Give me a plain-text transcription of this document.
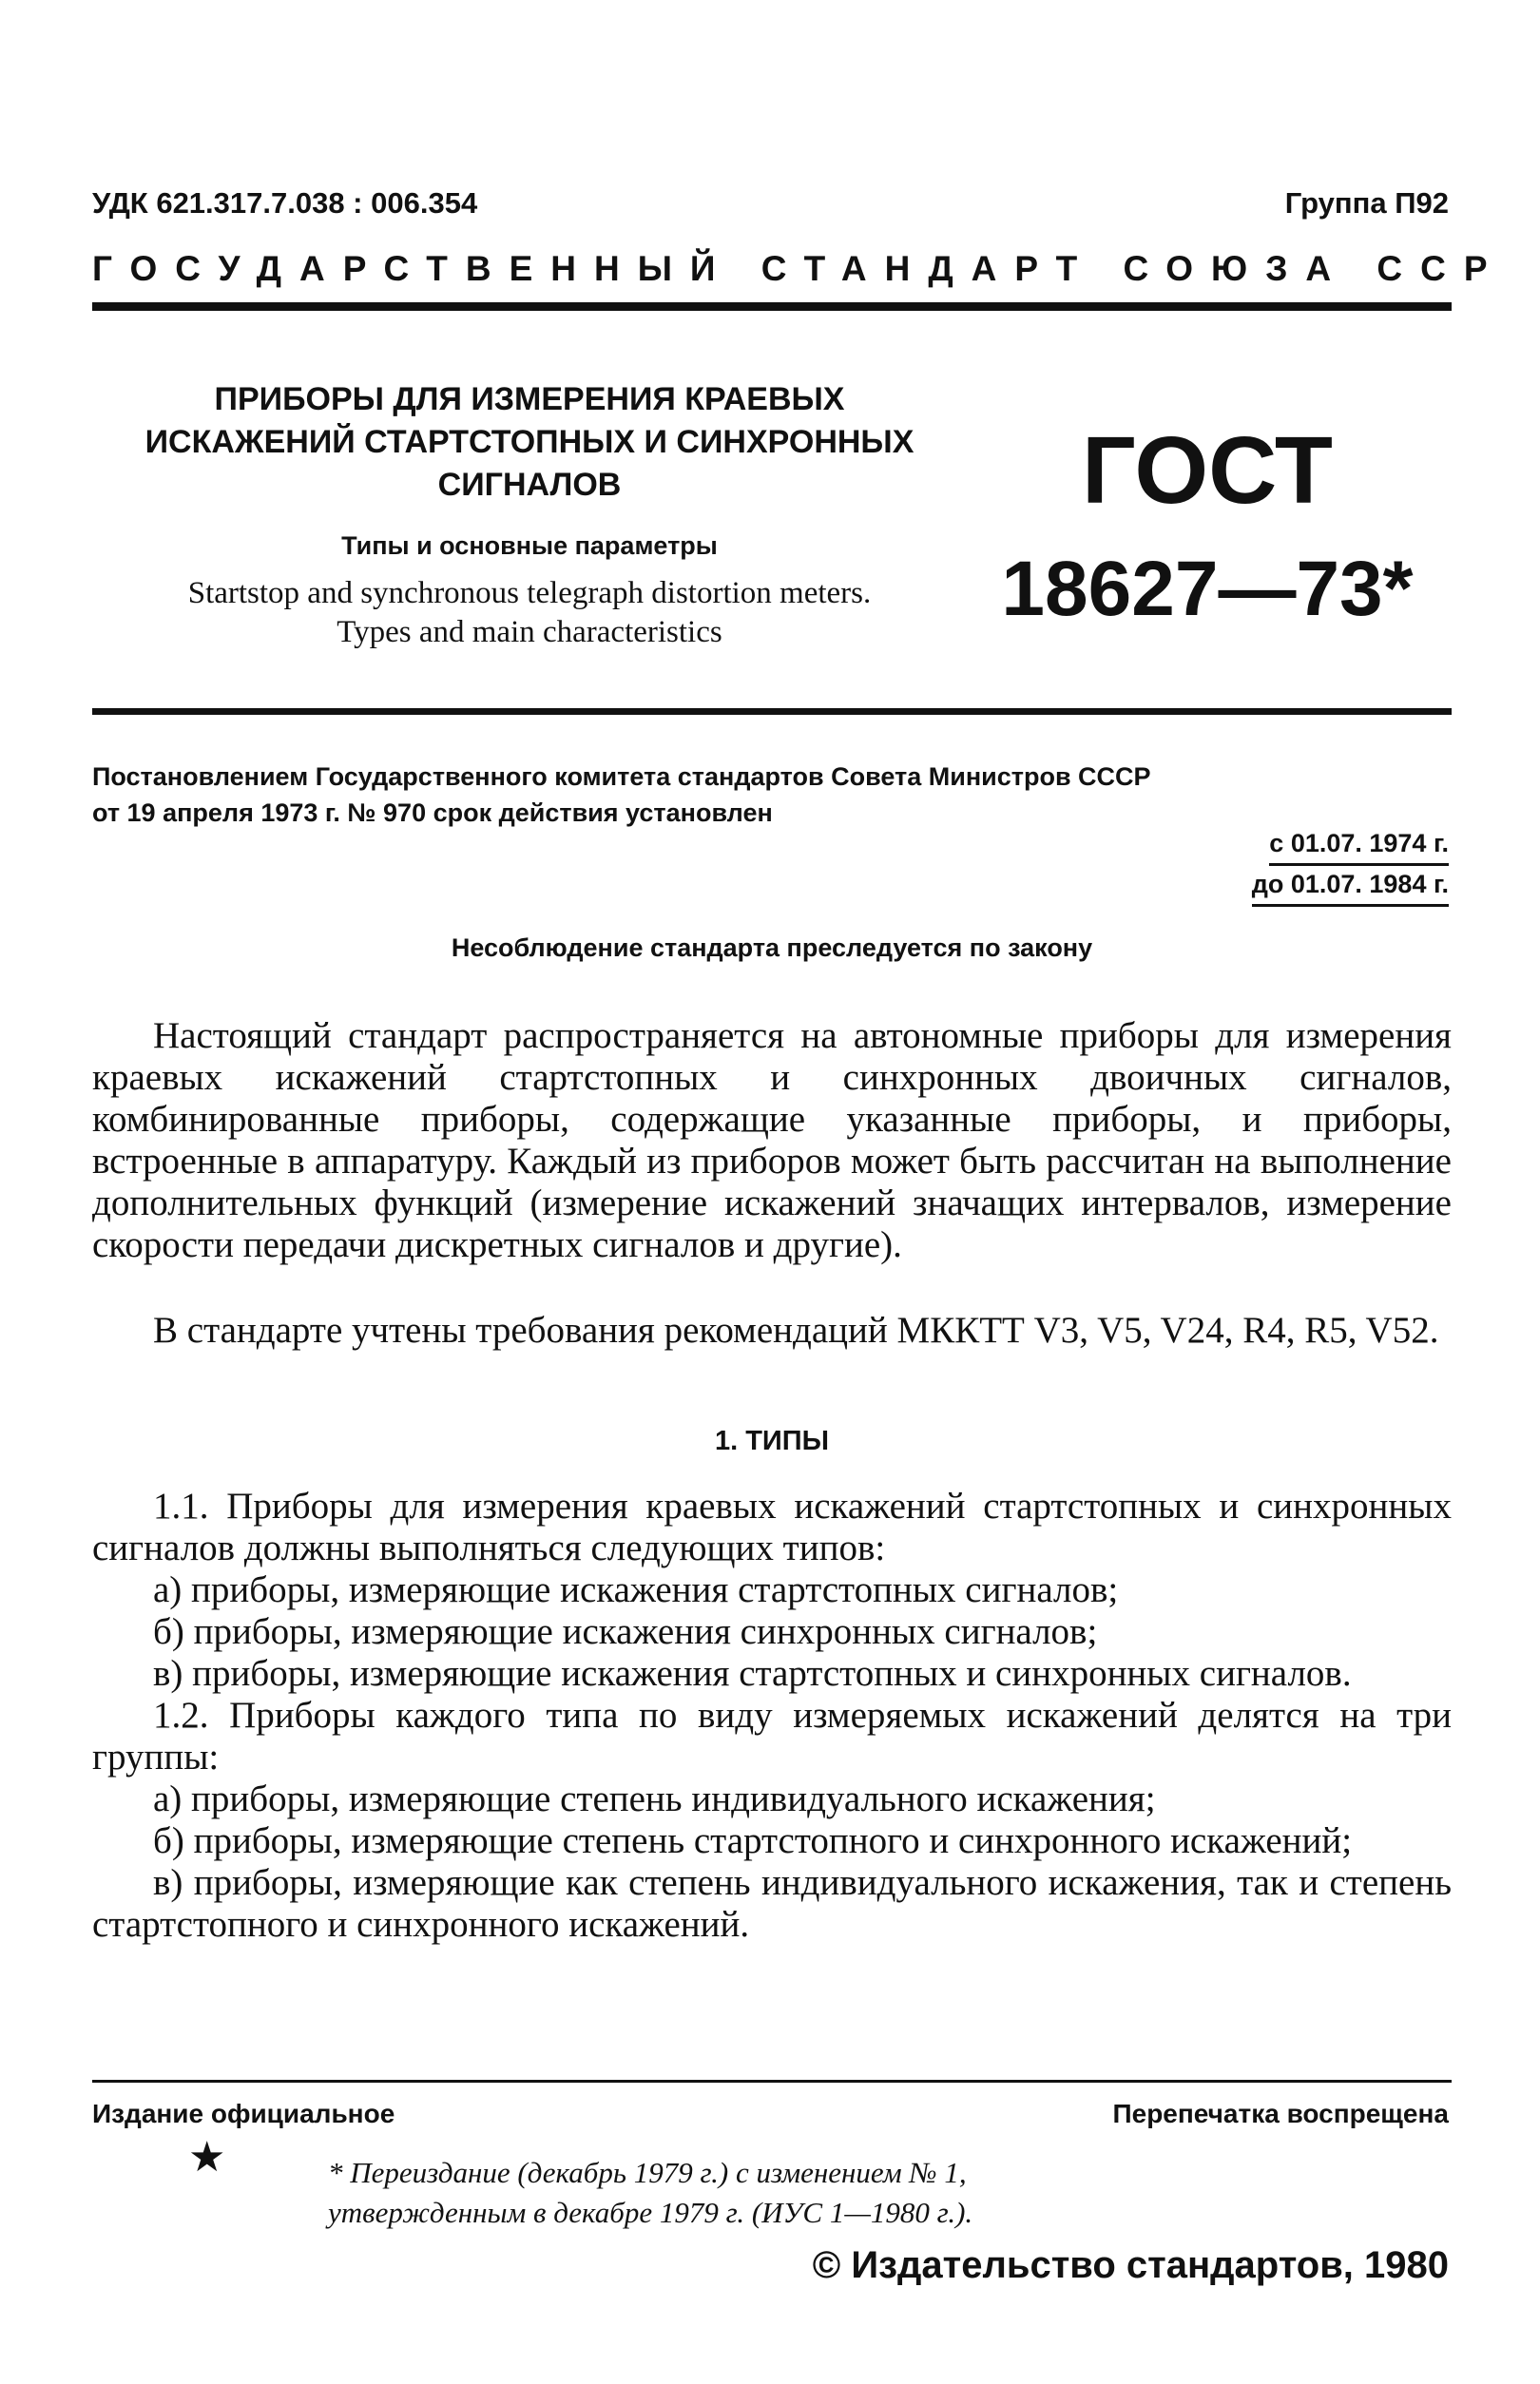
УДК 621.317.7.038 : 006.354	Группа П92
ГОСУДАРСТВЕННЫЙ СТАНДАРТ СОЮЗА ССР
ПРИБОРЫ ДЛЯ ИЗМЕРЕНИЯ КРАЕВЫХ
ИСКАЖЕНИЙ СТАРТСТОПНЫХ И СИНХРОННЫХ
СИГНАЛОВ
Типы и основные параметры
Startstop and synchronous telegraph distortion meters.
Types and main characteristics
ГОСТ
18627—73*
Постановлением Государственного комитета стандартов Совета Министров СССР
от 19 апреля 1973 г. № 970 срок действия установлен
с 01.07. 1974 г.
до 01.07. 1984 г.
Несоблюдение стандарта преследуется по закону
Настоящий стандарт распространяется на автономные приборы для измерения краевых искажений стартстопных и синхронных двоичных сигналов, комбинированные приборы, содержащие указанные приборы, и приборы, встроенные в аппаратуру. Каждый из приборов может быть рассчитан на выполнение дополнительных функций (измерение искажений значащих интервалов, измерение скорости передачи дискретных сигналов и другие).
В стандарте учтены требования рекомендаций МККТТ V3, V5, V24, R4, R5, V52.
1. ТИПЫ

1.1. Приборы для измерения краевых искажений стартстопных и синхронных сигналов должны выполняться следующих типов:

а) приборы, измеряющие искажения стартстопных сигналов;

б) приборы, измеряющие искажения синхронных сигналов;

в) приборы, измеряющие искажения стартстопных и синхронных сигналов.

1.2. Приборы каждого типа по виду измеряемых искажений делятся на три группы:

а) приборы, измеряющие степень индивидуального искажения;

б) приборы, измеряющие степень стартстопного и синхронного искажений;

в) приборы, измеряющие как степень индивидуального искажения, так и степень стартстопного и синхронного искажений.

Издание официальное	Перепечатка воспрещена
★	* Переиздание (декабрь 1979 г.) с изменением № 1,
утвержденным в декабре 1979 г. (ИУС 1—1980 г.).
© Издательство стандартов, 1980
